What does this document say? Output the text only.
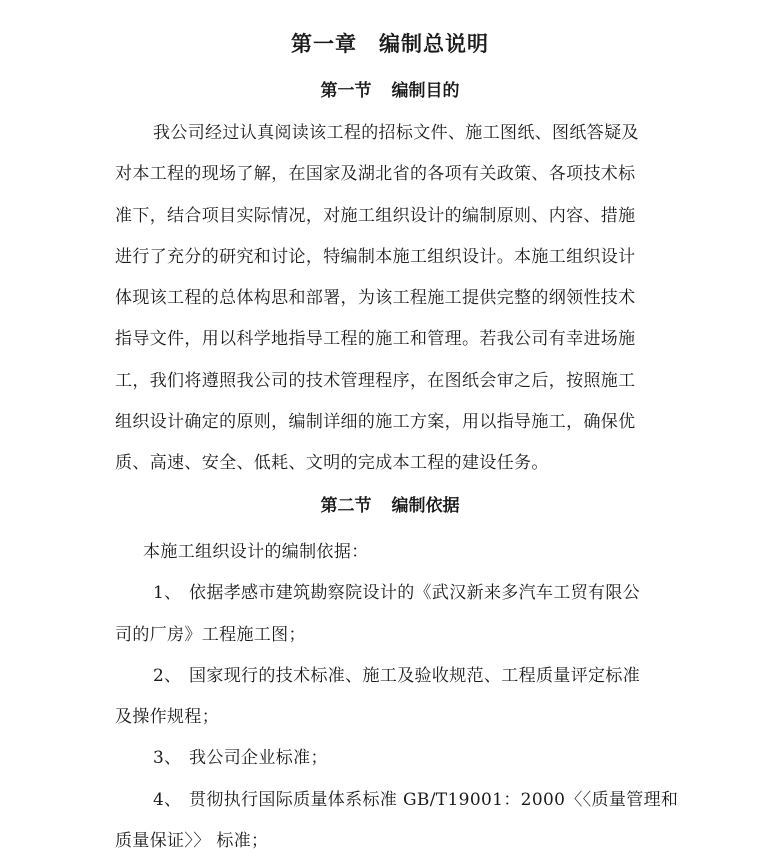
第一章 编制总说明
第一节 编制目的
我公司经过认真阅读该工程的招标文件、施工图纸、图纸答疑及
对本工程的现场了解，在国家及湖北省的各项有关政策、各项技术标
准下，结合项目实际情况，对施工组织设计的编制原则、内容、措施
进行了充分的研究和讨论，特编制本施工组织设计。本施工组织设计
体现该工程的总体构思和部署，为该工程施工提供完整的纲领性技术
指导文件，用以科学地指导工程的施工和管理。若我公司有幸进场施
工，我们将遵照我公司的技术管理程序，在图纸会审之后，按照施工
组织设计确定的原则，编制详细的施工方案，用以指导施工，确保优
质、高速、安全、低耗、文明的完成本工程的建设任务。
第二节 编制依据
本施工组织设计的编制依据：
1、 依据孝感市建筑勘察院设计的《武汉新来多汽车工贸有限公
司的厂房》工程施工图；
2、 国家现行的技术标准、施工及验收规范、工程质量评定标准
及操作规程；
3、 我公司企业标准；
4、 贯彻执行国际质量体系标准 GB/T19001：2000〈〈质量管理和
质量保证〉〉 标准；
